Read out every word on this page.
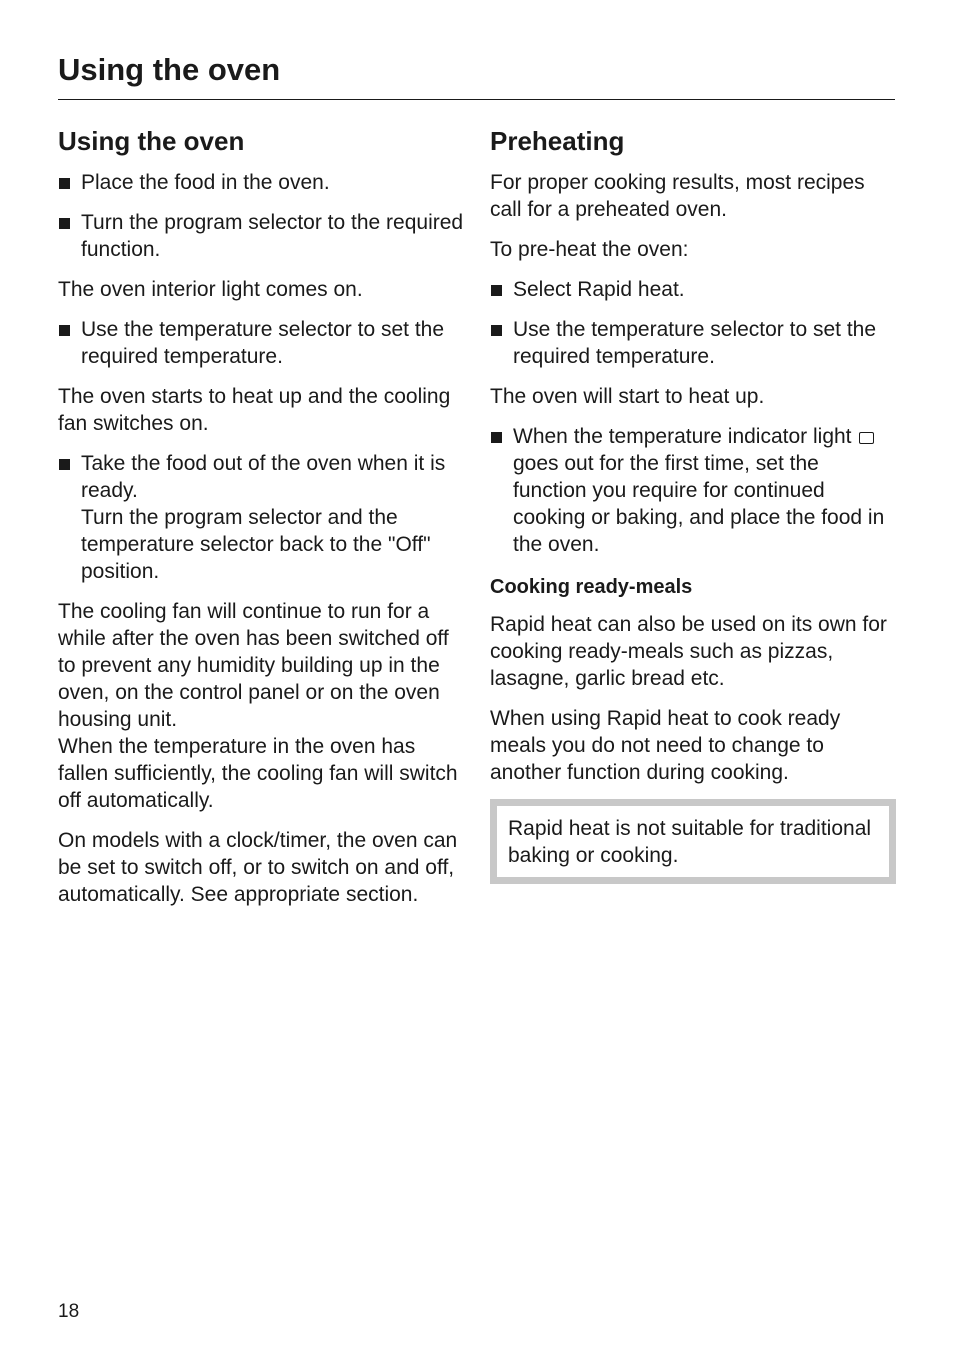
Using the oven
Using the oven
Place the food in the oven.
Turn the program selector to the required function.

The oven interior light comes on.

Use the temperature selector to set the required temperature.

The oven starts to heat up and the cooling fan switches on.

Take the food out of the oven when it is ready.
Turn the program selector and the temperature selector back to the "Off" position.

The cooling fan will continue to run for a while after the oven has been switched off to prevent any humidity building up in the oven, on the control panel or on the oven housing unit.
When the temperature in the oven has fallen sufficiently, the cooling fan will switch off automatically.

On models with a clock/timer, the oven can be set to switch off, or to switch on and off, automatically. See appropriate section.

Preheating

For proper cooking results, most recipes call for a preheated oven.

To pre-heat the oven:

Select Rapid heat.
Use the temperature selector to set the required temperature.

The oven will start to heat up.

When the temperature indicator light  goes out for the first time, set the function you require for continued cooking or baking, and place the food in the oven.
Cooking ready-meals

Rapid heat can also be used on its own for cooking ready-meals such as pizzas, lasagne, garlic bread etc.

When using Rapid heat to cook ready meals you do not need to change to another function during cooking.

Rapid heat is not suitable for traditional baking or cooking.

18
